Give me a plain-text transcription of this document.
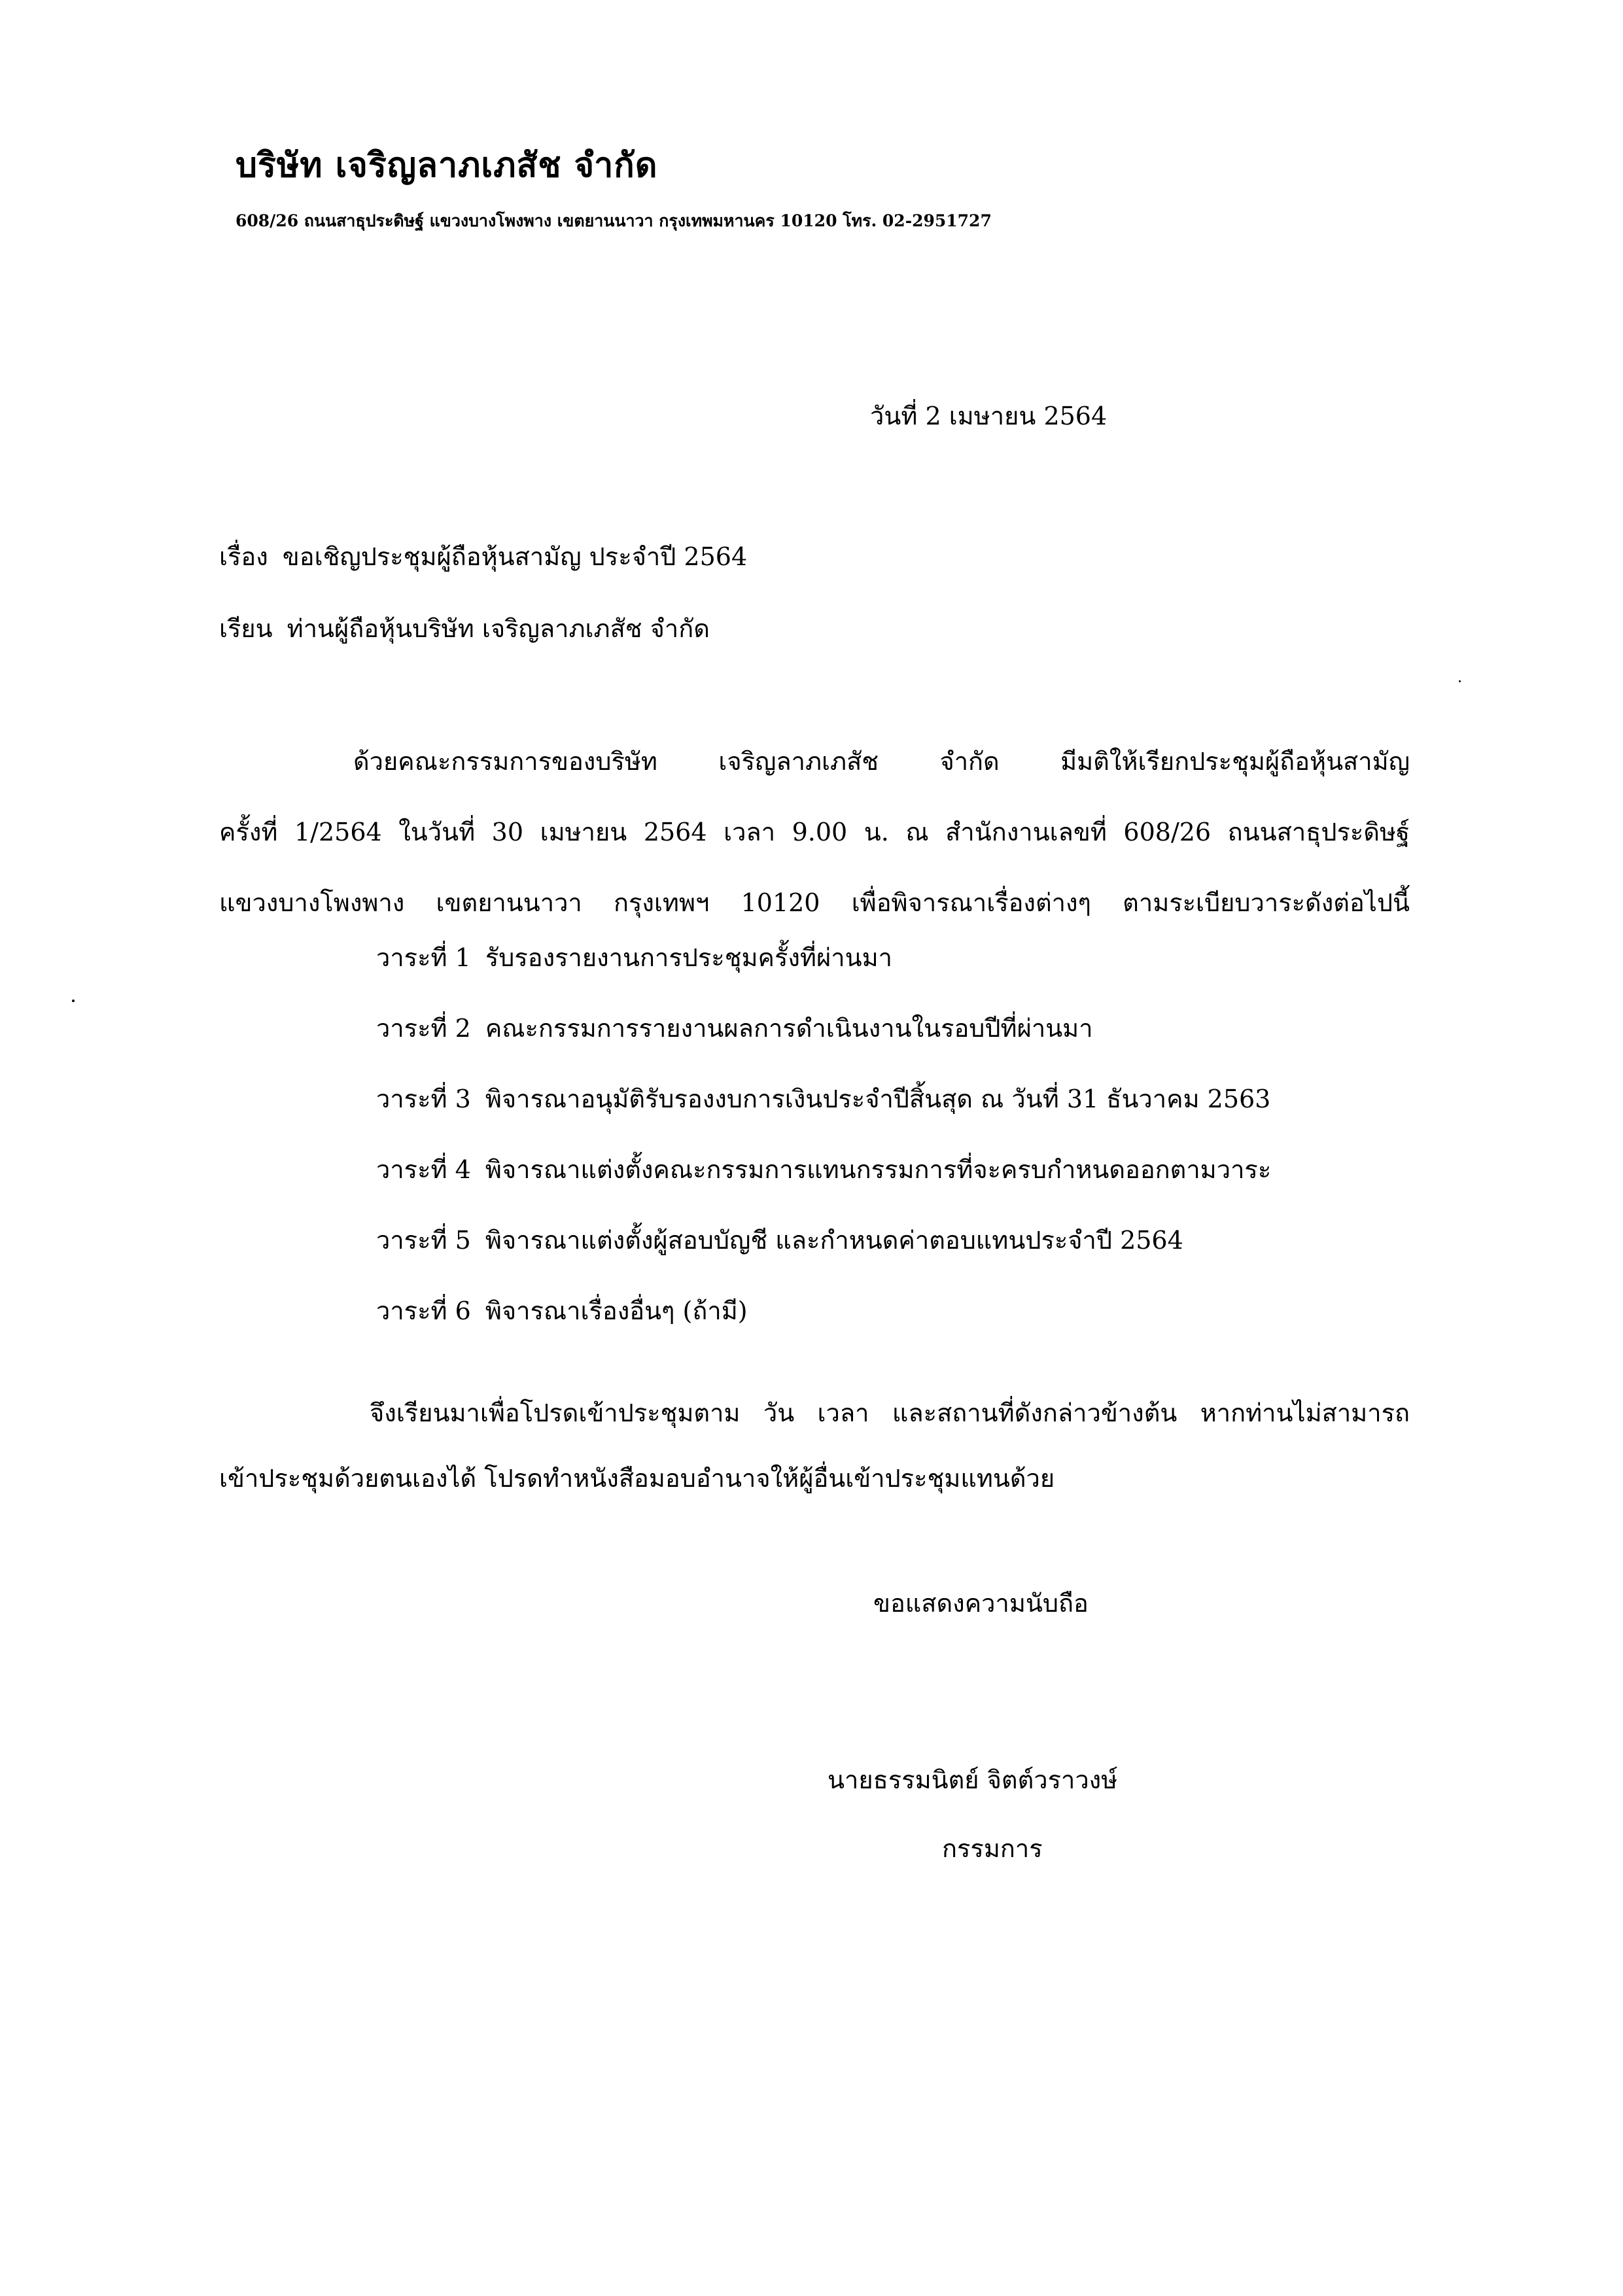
บริษัท เจริญลาภเภสัช จำกัด
608/26 ถนนสาธุประดิษฐ์ แขวงบางโพงพาง เขตยานนาวา กรุงเทพมหานคร 10120 โทร. 02-2951727
วันที่ 2 เมษายน 2564
เรื่อง ขอเชิญประชุมผู้ถือหุ้นสามัญ ประจำปี 2564
เรียน ท่านผู้ถือหุ้นบริษัท เจริญลาภเภสัช จำกัด
ด้วยคณะกรรมการของบริษัท เจริญลาภเภสัช จำกัด มีมติให้เรียกประชุมผู้ถือหุ้นสามัญ
ครั้งที่ 1/2564 ในวันที่ 30 เมษายน 2564 เวลา 9.00 น. ณ สำนักงานเลขที่ 608/26 ถนนสาธุประดิษฐ์
แขวงบางโพงพาง เขตยานนาวา กรุงเทพฯ 10120 เพื่อพิจารณาเรื่องต่างๆ ตามระเบียบวาระดังต่อไปนี้
วาระที่ 1 รับรองรายงานการประชุมครั้งที่ผ่านมา
วาระที่ 2 คณะกรรมการรายงานผลการดำเนินงานในรอบปีที่ผ่านมา
วาระที่ 3 พิจารณาอนุมัติรับรองงบการเงินประจำปีสิ้นสุด ณ วันที่ 31 ธันวาคม 2563
วาระที่ 4 พิจารณาแต่งตั้งคณะกรรมการแทนกรรมการที่จะครบกำหนดออกตามวาระ
วาระที่ 5 พิจารณาแต่งตั้งผู้สอบบัญชี และกำหนดค่าตอบแทนประจำปี 2564
วาระที่ 6 พิจารณาเรื่องอื่นๆ (ถ้ามี)
จึงเรียนมาเพื่อโปรดเข้าประชุมตาม วัน เวลา และสถานที่ดังกล่าวข้างต้น หากท่านไม่สามารถ
เข้าประชุมด้วยตนเองได้ โปรดทำหนังสือมอบอำนาจให้ผู้อื่นเข้าประชุมแทนด้วย
ขอแสดงความนับถือ
นายธรรมนิตย์ จิตต์วราวงษ์
กรรมการ
